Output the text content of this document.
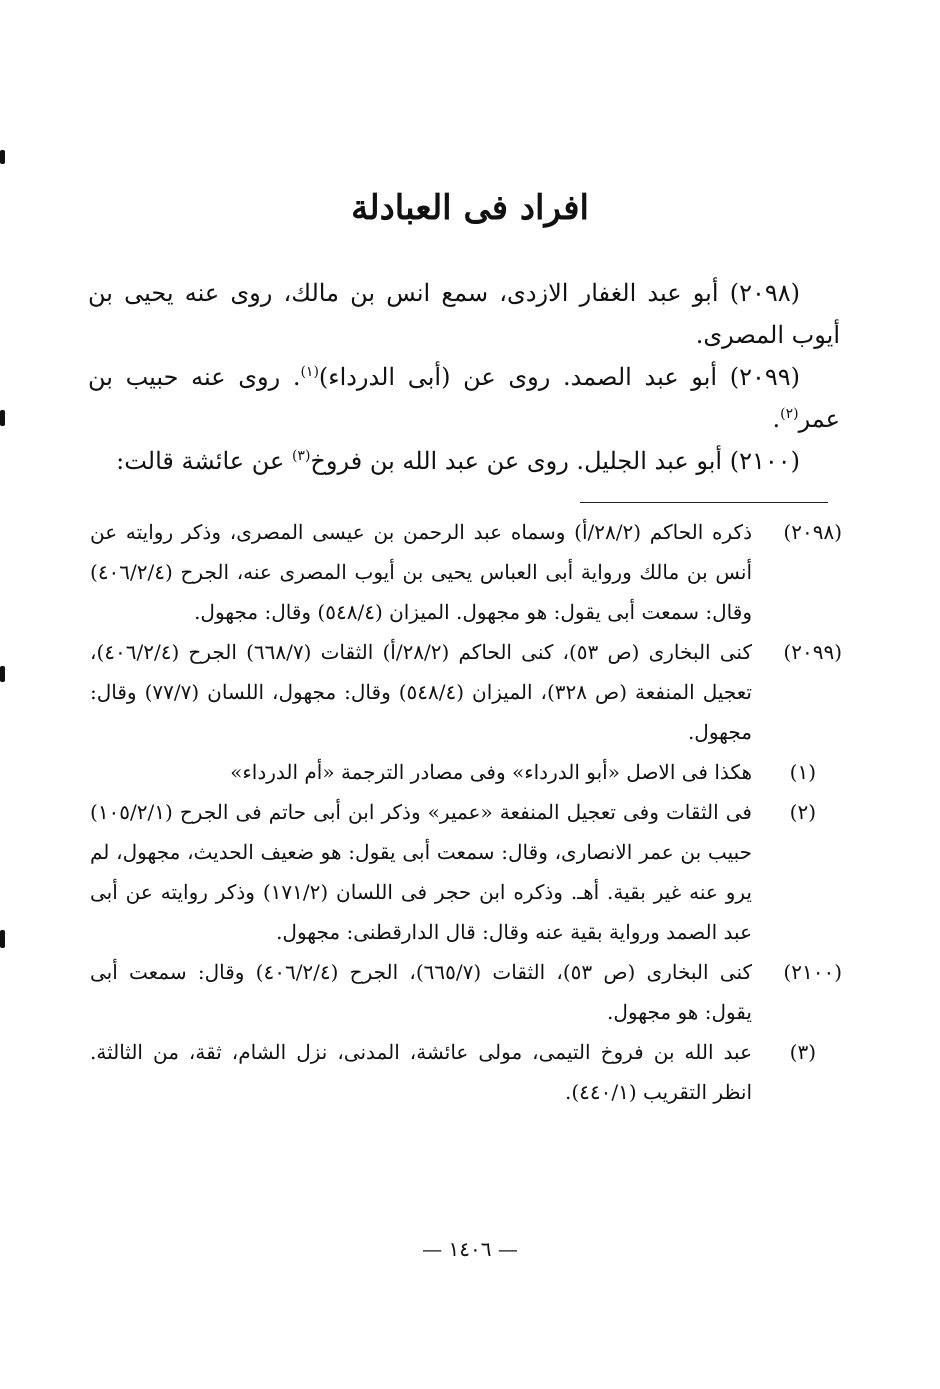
افراد فى العبادلة

(٢٠٩٨) أبو عبد الغفار الازدى، سمع انس بن مالك، روى عنه يحيى بن أيوب المصرى.

(٢٠٩٩) أبو عبد الصمد. روى عن (أبى الدرداء)$^{(١)}$. روى عنه حبيب بن عمر$^{(٢)}$.

(٢١٠٠) أبو عبد الجليل. روى عن عبد الله بن فروخ$^{(٣)}$ عن عائشة قالت:

(٢٠٩٨)
ذكره الحاكم (٢٨/٢/أ) وسماه عبد الرحمن بن عيسى المصرى، وذكر روايته عن أنس بن مالك ورواية أبى العباس يحيى بن أيوب المصرى عنه، الجرح (٤٠٦/٢/٤) وقال: سمعت أبى يقول: هو مجهول. الميزان (٥٤٨/٤) وقال: مجهول.
(٢٠٩٩)
كنى البخارى (ص ٥٣)، كنى الحاكم (٢٨/٢/أ) الثقات (٦٦٨/٧) الجرح (٤٠٦/٢/٤)، تعجيل المنفعة (ص ٣٢٨)، الميزان (٥٤٨/٤) وقال: مجهول، اللسان (٧٧/٧) وقال: مجهول.
(١)
هكذا فى الاصل «أبو الدرداء» وفى مصادر الترجمة «أم الدرداء»
(٢)
فى الثقات وفى تعجيل المنفعة «عمير» وذكر ابن أبى حاتم فى الجرح (١٠٥/٢/١) حبيب بن عمر الانصارى، وقال: سمعت أبى يقول: هو ضعيف الحديث، مجهول، لم يرو عنه غير بقية. أهـ. وذكره ابن حجر فى اللسان (١٧١/٢) وذكر روايته عن أبى عبد الصمد ورواية بقية عنه وقال: قال الدارقطنى: مجهول.
(٢١٠٠)
كنى البخارى (ص ٥٣)، الثقات (٦٦٥/٧)، الجرح (٤٠٦/٢/٤) وقال: سمعت أبى يقول: هو مجهول.
(٣)
عبد الله بن فروخ التيمى، مولى عائشة، المدنى، نزل الشام، ثقة، من الثالثة. انظر التقريب (٤٤٠/١).
— ١٤٠٦ —
